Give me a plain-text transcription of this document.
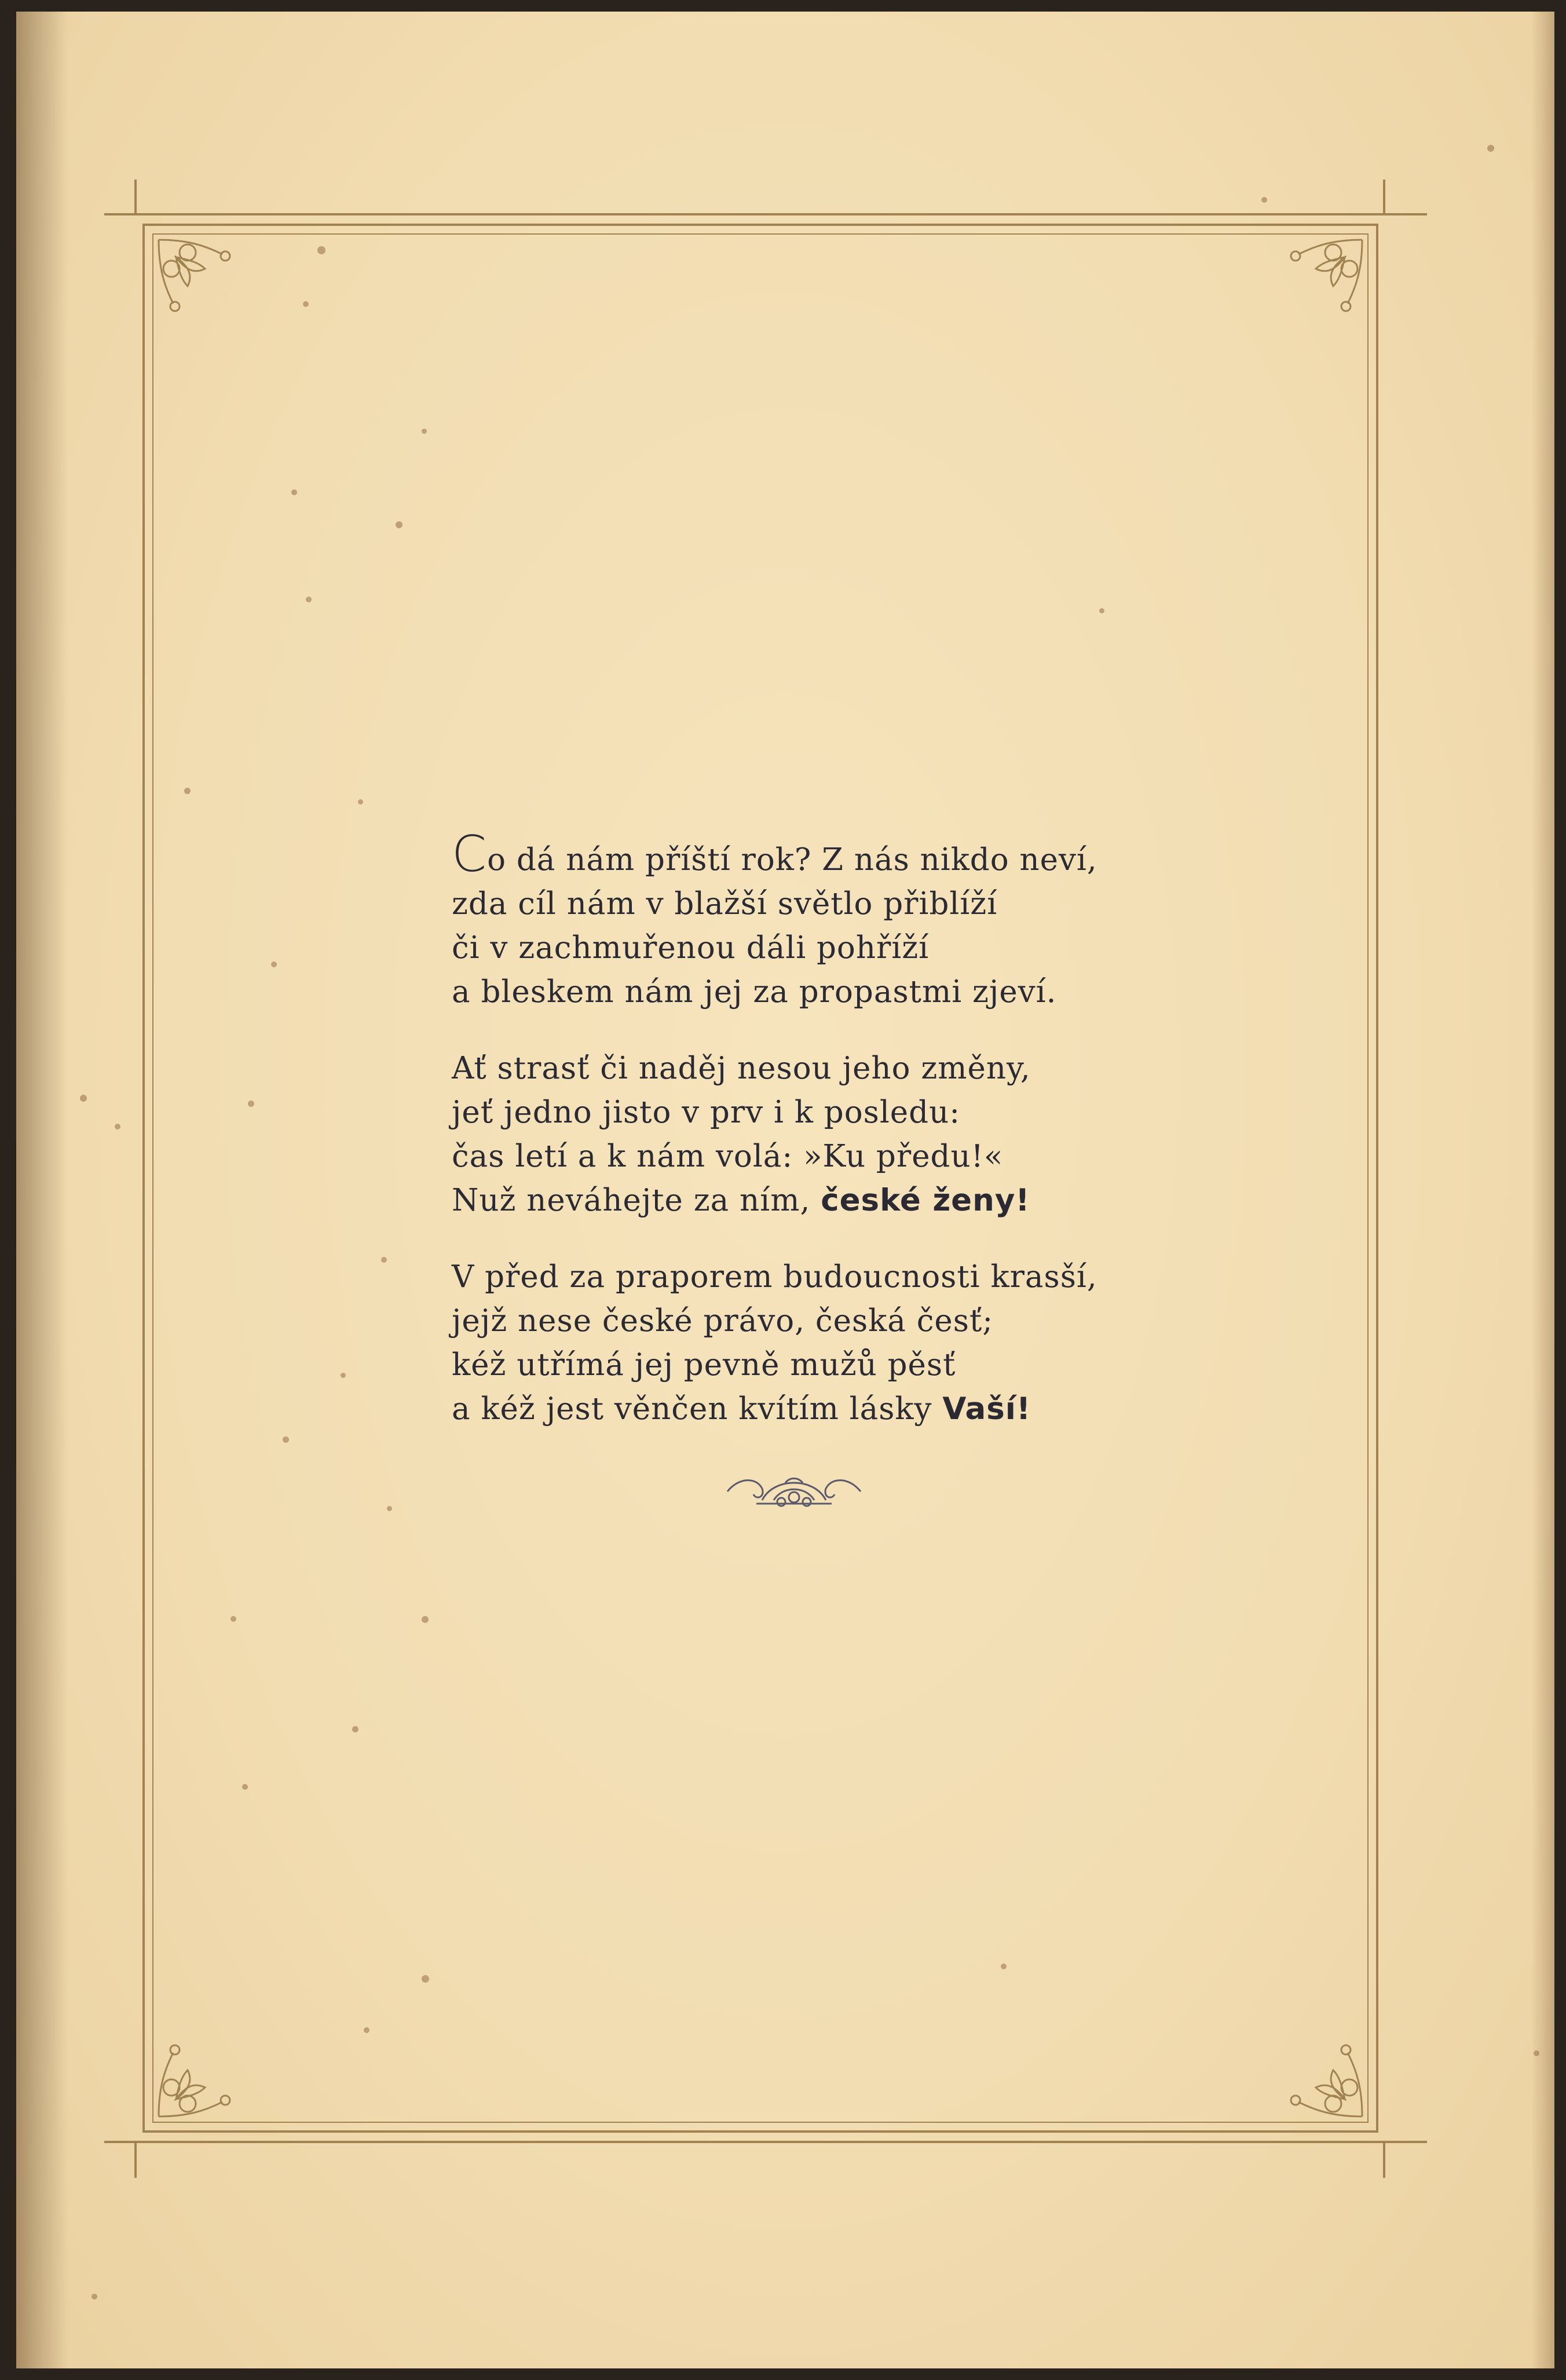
Co dá nám příští rok? Z nás nikdo neví,
zda cíl nám v blažší světlo přiblíží
či v zachmuřenou dáli pohříží
a bleskem nám jej za propastmi zjeví.
Ať strasť či naděj nesou jeho změny,
jeť jedno jisto v prv i k posledu:
čas letí a k nám volá: »Ku předu!«
Nuž neváhejte za ním, české ženy!
V před za praporem budoucnosti krasší,
jejž nese české právo, česká česť;
kéž utřímá jej pevně mužů pěsť
a kéž jest věnčen kvítím lásky Vaší!
